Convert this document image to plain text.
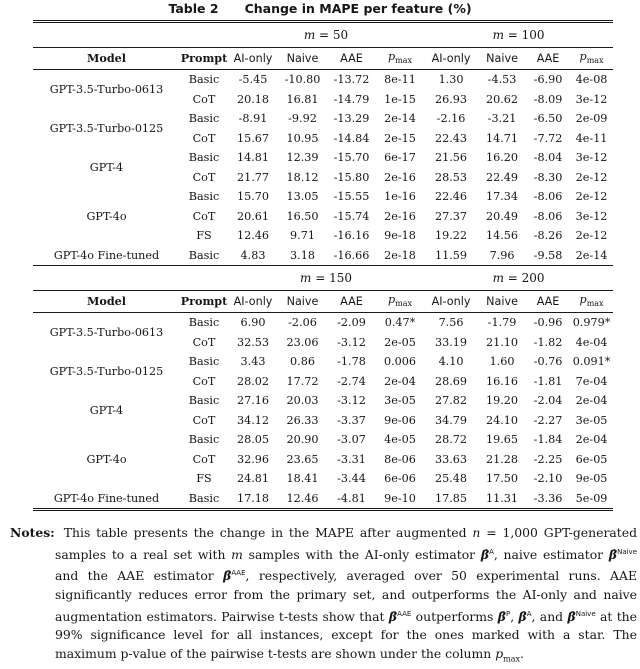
Table 2 Change in MAPE per feature (%)
		m = 50				m = 100			
Model	Prompt	AI-only	Naive	AAE	$p_{max}$	AI-only	Naive	AAE	$p_{max}$
GPT-3.5-Turbo-0613	Basic	-5.45	-10.80	-13.72	8e-11	1.30	-4.53	-6.90	4e-08
	CoT	20.18	16.81	-14.79	1e-15	26.93	20.62	-8.09	3e-12
GPT-3.5-Turbo-0125	Basic	-8.91	-9.92	-13.29	2e-14	-2.16	-3.21	-6.50	2e-09
	CoT	15.67	10.95	-14.84	2e-15	22.43	14.71	-7.72	4e-11
GPT-4	Basic	14.81	12.39	-15.70	6e-17	21.56	16.20	-8.04	3e-12
	CoT	21.77	18.12	-15.80	2e-16	28.53	22.49	-8.30	2e-12
GPT-4o	Basic	15.70	13.05	-15.55	1e-16	22.46	17.34	-8.06	2e-12
	CoT	20.61	16.50	-15.74	2e-16	27.37	20.49	-8.06	3e-12
	FS	12.46	9.71	-16.16	9e-18	19.22	14.56	-8.26	2e-12
GPT-4o Fine-tuned	Basic	4.83	3.18	-16.66	2e-18	11.59	7.96	-9.58	2e-14
		m = 150				m = 200			
Model	Prompt	AI-only	Naive	AAE	$p_{max}$	AI-only	Naive	AAE	$p_{max}$
GPT-3.5-Turbo-0613	Basic	6.90	-2.06	-2.09	0.47*	7.56	-1.79	-0.96	0.979*
	CoT	32.53	23.06	-3.12	2e-05	33.19	21.10	-1.82	4e-04
GPT-3.5-Turbo-0125	Basic	3.43	0.86	-1.78	0.006	4.10	1.60	-0.76	0.091*
	CoT	28.02	17.72	-2.74	2e-04	28.69	16.16	-1.81	7e-04
GPT-4	Basic	27.16	20.03	-3.12	3e-05	27.82	19.20	-2.04	2e-04
	CoT	34.12	26.33	-3.37	9e-06	34.79	24.10	-2.27	3e-05
GPT-4o	Basic	28.05	20.90	-3.07	4e-05	28.72	19.65	-1.84	2e-04
	CoT	32.96	23.65	-3.31	8e-06	33.63	21.28	-2.25	6e-05
	FS	24.81	18.41	-3.44	6e-06	25.48	17.50	-2.10	9e-05
GPT-4o Fine-tuned	Basic	17.18	12.46	-4.81	9e-10	17.85	11.31	-3.36	5e-09
Notes: This table presents the change in the MAPE after augmented n = 1,000 GPT-generated samples to a real set with m samples with the AI-only estimator β̂$^A$, naive estimator β̂$^{Naive}$ and the AAE estimator β̂$^{AAE}$, respectively, averaged over 50 experimental runs. AAE significantly reduces error from the primary set, and outperforms the AI-only and naive augmentation estimators. Pairwise t-tests show that β̂$^{AAE}$ outperforms β̂$^P$, β̂$^A$, and β̂$^{Naive}$ at the 99% significance level for all instances, except for the ones marked with a star. The maximum p-value of the pairwise t-tests are shown under the column $p_{max}$.
